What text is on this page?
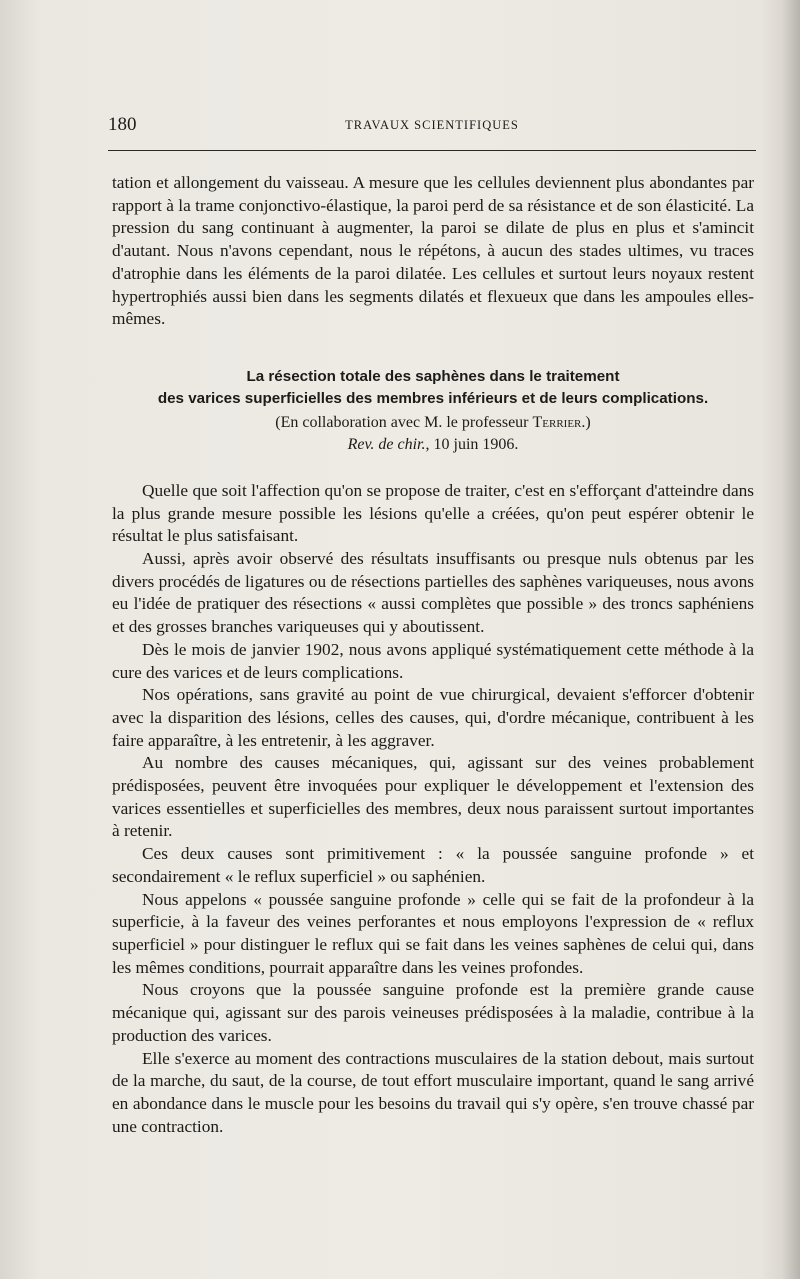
180	TRAVAUX SCIENTIFIQUES

tation et allongement du vaisseau. A mesure que les cellules deviennent plus abondantes par rapport à la trame conjonctivo-élastique, la paroi perd de sa résistance et de son élasticité. La pression du sang continuant à augmenter, la paroi se dilate de plus en plus et s'amincit d'autant. Nous n'avons cependant, nous le répétons, à aucun des stades ultimes, vu traces d'atrophie dans les éléments de la paroi dilatée. Les cellules et surtout leurs noyaux restent hypertrophiés aussi bien dans les segments dilatés et flexueux que dans les ampoules elles-mêmes.

La résection totale des saphènes dans le traitement
des varices superficielles des membres inférieurs et de leurs complications.
(En collaboration avec M. le professeur Terrier.)
Rev. de chir., 10 juin 1906.

Quelle que soit l'affection qu'on se propose de traiter, c'est en s'efforçant d'atteindre dans la plus grande mesure possible les lésions qu'elle a créées, qu'on peut espérer obtenir le résultat le plus satisfaisant.

Aussi, après avoir observé des résultats insuffisants ou presque nuls obtenus par les divers procédés de ligatures ou de résections partielles des saphènes variqueuses, nous avons eu l'idée de pratiquer des résections « aussi complètes que possible » des troncs saphéniens et des grosses branches variqueuses qui y aboutissent.

Dès le mois de janvier 1902, nous avons appliqué systématiquement cette méthode à la cure des varices et de leurs complications.

Nos opérations, sans gravité au point de vue chirurgical, devaient s'efforcer d'obtenir avec la disparition des lésions, celles des causes, qui, d'ordre mécanique, contribuent à les faire apparaître, à les entretenir, à les aggraver.

Au nombre des causes mécaniques, qui, agissant sur des veines probablement prédisposées, peuvent être invoquées pour expliquer le développement et l'extension des varices essentielles et superficielles des membres, deux nous paraissent surtout importantes à retenir.

Ces deux causes sont primitivement : « la poussée sanguine profonde » et secondairement « le reflux superficiel » ou saphénien.

Nous appelons « poussée sanguine profonde » celle qui se fait de la profondeur à la superficie, à la faveur des veines perforantes et nous employons l'expression de « reflux superficiel » pour distinguer le reflux qui se fait dans les veines saphènes de celui qui, dans les mêmes conditions, pourrait apparaître dans les veines profondes.

Nous croyons que la poussée sanguine profonde est la première grande cause mécanique qui, agissant sur des parois veineuses prédisposées à la maladie, contribue à la production des varices.

Elle s'exerce au moment des contractions musculaires de la station debout, mais surtout de la marche, du saut, de la course, de tout effort musculaire important, quand le sang arrivé en abondance dans le muscle pour les besoins du travail qui s'y opère, s'en trouve chassé par une contraction.
